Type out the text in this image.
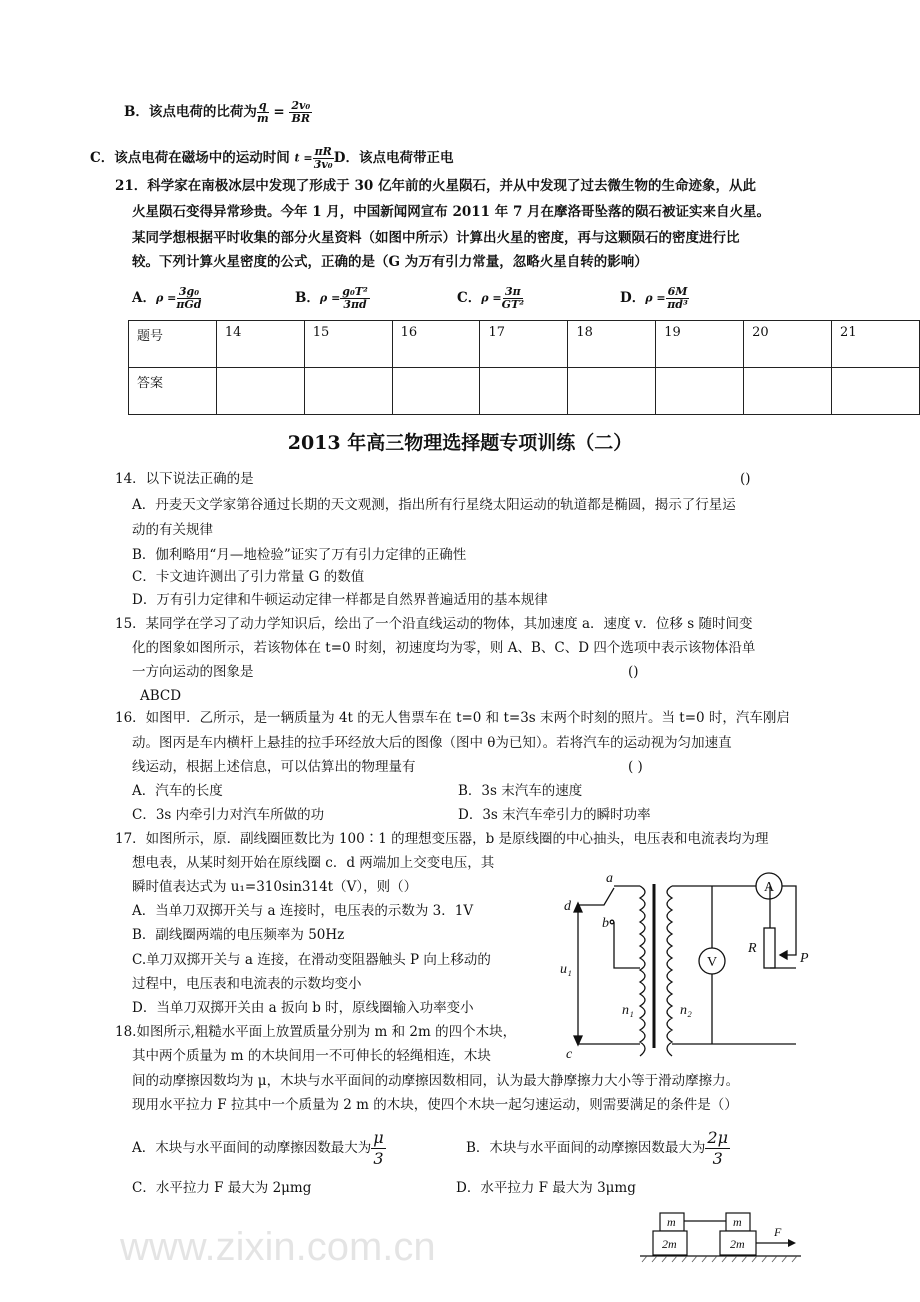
www.zixin.com.cn
B．该点电荷的比荷为 $\frac{q}{m} = \frac{\text{2v₀}}{BR}$
C．该点电荷在磁场中的运动时间 $t = \frac{\pi R}{\text{3v₀}}$ D．该点电荷带正电
21．科学家在南极冰层中发现了形成于 30 亿年前的火星陨石，并从中发现了过去微生物的生命迹象，从此
火星陨石变得异常珍贵。今年 1 月，中国新闻网宣布 2011 年 7 月在摩洛哥坠落的陨石被证实来自火星。
某同学想根据平时收集的部分火星资料（如图中所示）计算出火星的密度，再与这颗陨石的密度进行比
较。下列计算火星密度的公式，正确的是（G 为万有引力常量，忽略火星自转的影响）
A．$\rho = \frac{\text{3g₀}}{\text{πGd}}$	B．$\rho = \frac{\text{g₀T²}}{3\pi d}$	C．$\rho = \frac{3\pi}{\text{GT²}}$	D．$\rho = \frac{6M}{\text{πd³}}$
题号	14	15	16	17	18	19	20	21
答案								
2013 年高三物理选择题专项训练（二）
14．以下说法正确的是	()
A．丹麦天文学家第谷通过长期的天文观测，指出所有行星绕太阳运动的轨道都是椭圆，揭示了行星运
动的有关规律
B．伽利略用“月—地检验”证实了万有引力定律的正确性
C．卡文迪许测出了引力常量 G 的数值
D．万有引力定律和牛顿运动定律一样都是自然界普遍适用的基本规律
15．某同学在学习了动力学知识后，绘出了一个沿直线运动的物体，其加速度 a．速度 v．位移 s 随时间变
化的图象如图所示，若该物体在 t=0 时刻，初速度均为零，则 A、B、C、D 四个选项中表示该物体沿单
一方向运动的图象是	()
ABCD
16．如图甲．乙所示，是一辆质量为 4t 的无人售票车在 t=0 和 t=3s 末两个时刻的照片。当 t=0 时，汽车刚启
动。图丙是车内横杆上悬挂的拉手环经放大后的图像（图中 θ为已知）。若将汽车的运动视为匀加速直
线运动，根据上述信息，可以估算出的物理量有	( )
A．汽车的长度	B．3s 末汽车的速度
C．3s 内牵引力对汽车所做的功	D．3s 末汽车牵引力的瞬时功率
17．如图所示，原．副线圈匝数比为 100∶1 的理想变压器，b 是原线圈的中心抽头，电压表和电流表均为理
想电表，从某时刻开始在原线圈 c．d 两端加上交变电压，其
瞬时值表达式为 u₁=310sin314t（V），则（）
A．当单刀双掷开关与 a 连接时，电压表的示数为 3．1V
B．副线圈两端的电压频率为 50Hz
C.单刀双掷开关与 a 连接，在滑动变阻器触头 P 向上移动的
过程中，电压表和电流表的示数均变小
D．当单刀双掷开关由 a 扳向 b 时，原线圈输入功率变小
d
a
b
c
u₁
n₁	n₂
A
V
R
P
18.如图所示,粗糙水平面上放置质量分别为 m 和 2m 的四个木块，
其中两个质量为 m 的木块间用一不可伸长的轻绳相连，木块
间的动摩擦因数均为 μ，木块与水平面间的动摩擦因数相同，认为最大静摩擦力大小等于滑动摩擦力。
现用水平拉力 F 拉其中一个质量为 2 m 的木块，使四个木块一起匀速运动，则需要满足的条件是（）
m
2m
m
2m
F
A．木块与水平面间的动摩擦因数最大为 $\frac{\mu}{3}$	B．木块与水平面间的动摩擦因数最大为 $\frac{2\mu}{3}$
C．水平拉力 F 最大为 2μmg	D．水平拉力 F 最大为 3μmg
